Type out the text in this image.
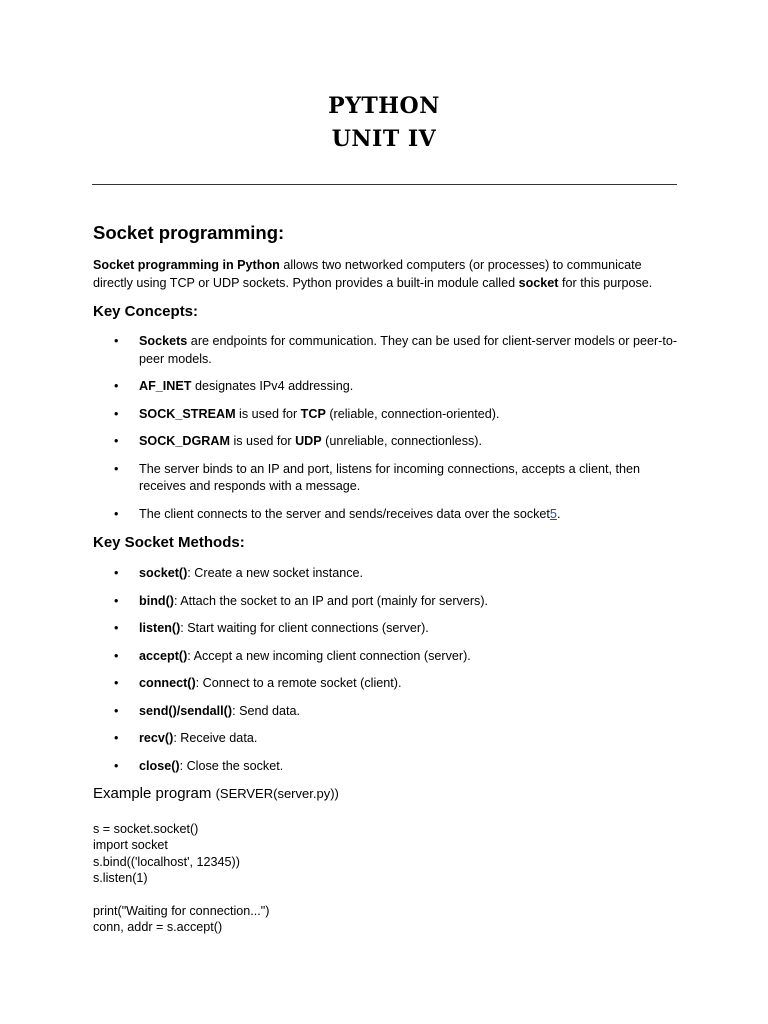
PYTHON
UNIT IV
Socket programming:
Socket programming in Python allows two networked computers (or processes) to communicate directly using TCP or UDP sockets. Python provides a built-in module called socket for this purpose.
Key Concepts:
• Sockets are endpoints for communication. They can be used for client-server models or peer-to-peer models.
• AF_INET designates IPv4 addressing.
• SOCK_STREAM is used for TCP (reliable, connection-oriented).
• SOCK_DGRAM is used for UDP (unreliable, connectionless).
• The server binds to an IP and port, listens for incoming connections, accepts a client, then receives and responds with a message.
• The client connects to the server and sends/receives data over the socket5.
Key Socket Methods:
• socket(): Create a new socket instance.
• bind(): Attach the socket to an IP and port (mainly for servers).
• listen(): Start waiting for client connections (server).
• accept(): Accept a new incoming client connection (server).
• connect(): Connect to a remote socket (client).
• send()/sendall(): Send data.
• recv(): Receive data.
• close(): Close the socket.
Example program (SERVER(server.py))
s = socket.socket()
import socket
s.bind(('localhost', 12345))
s.listen(1)
print("Waiting for connection...")
conn, addr = s.accept()
